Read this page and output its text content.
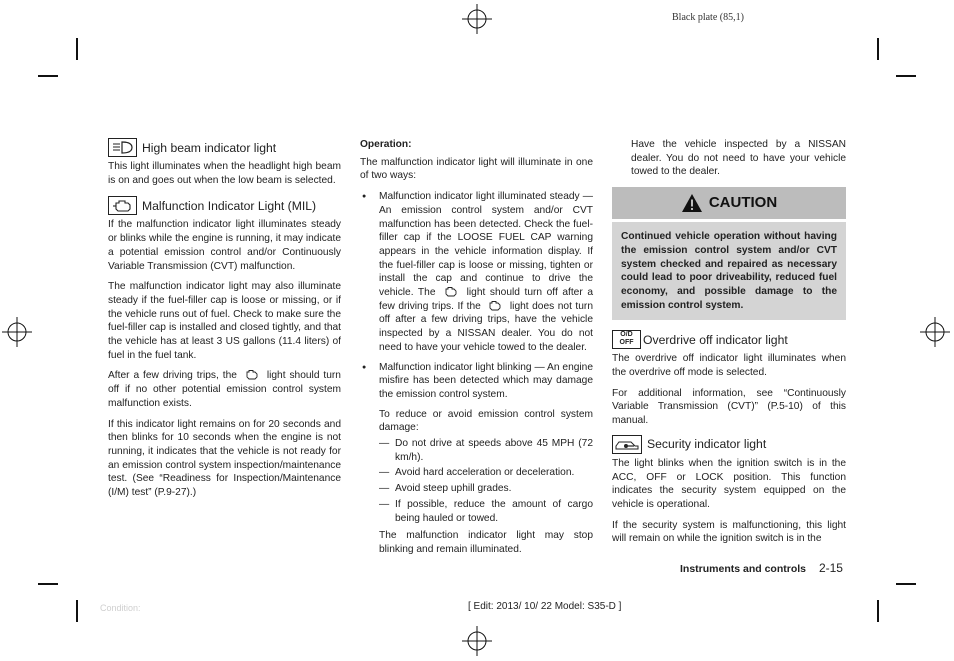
Black plate (85,1)
High beam indicator light

This light illuminates when the headlight high beam is on and goes out when the low beam is selected.

Malfunction Indicator Light (MIL)

If the malfunction indicator light illuminates steady or blinks while the engine is running, it may indicate a potential emission control and/or Continuously Variable Transmission (CVT) malfunction.

The malfunction indicator light may also illuminate steady if the fuel-filler cap is loose or missing, or if the vehicle runs out of fuel. Check to make sure the fuel-filler cap is installed and closed tightly, and that the vehicle has at least 3 US gallons (11.4 liters) of fuel in the fuel tank.

After a few driving trips, the	light should turn off if no other potential emission control system malfunction exists.

If this indicator light remains on for 20 seconds and then blinks for 10 seconds when the engine is not running, it indicates that the vehicle is not ready for an emission control system inspection/maintenance test. (See “Readiness for Inspection/Maintenance (I/M) test” (P.9-27).)

Operation:

The malfunction indicator light will illuminate in one of two ways:

● Malfunction indicator light illuminated steady — An emission control system and/or CVT malfunction has been detected. Check the fuel-filler cap if the LOOSE FUEL CAP warning appears in the vehicle information display. If the fuel-filler cap is loose or missing, tighten or install the cap and continue to drive the vehicle. The	light should turn off after a few driving trips. If the	light does not turn off after a few driving trips, have the vehicle inspected by a NISSAN dealer. You do not need to have your vehicle towed to the dealer.
● Malfunction indicator light blinking — An engine misfire has been detected which may damage the emission control system.

To reduce or avoid emission control system damage:

— Do not drive at speeds above 45 MPH (72 km/h).
— Avoid hard acceleration or deceleration.
— Avoid steep uphill grades.
— If possible, reduce the amount of cargo being hauled or towed.

The malfunction indicator light may stop blinking and remain illuminated.

Have the vehicle inspected by a NISSAN dealer. You do not need to have your vehicle towed to the dealer.

CAUTION
Continued vehicle operation without having the emission control system and/or CVT system checked and repaired as necessary could lead to poor driveability, reduced fuel economy, and possible damage to the emission control system.
O/D
OFF Overdrive off indicator light

The overdrive off indicator light illuminates when the overdrive off mode is selected.

For additional information, see “Continuously Variable Transmission (CVT)” (P.5-10) of this manual.

Security indicator light

The light blinks when the ignition switch is in the ACC, OFF or LOCK position. This function indicates the security system equipped on the vehicle is operational.

If the security system is malfunctioning, this light will remain on while the ignition switch is in the

Instruments and controls 2-15
[ Edit: 2013/ 10/ 22 Model: S35-D ]
Condition:
